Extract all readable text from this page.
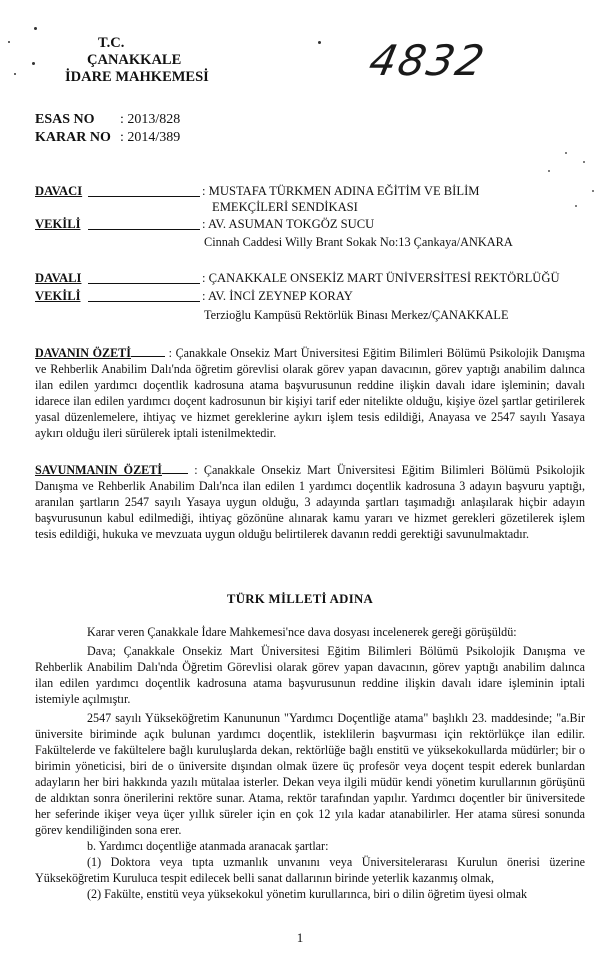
T.C.
ÇANAKKALE
İDARE MAHKEMESİ	4832
ESAS NO : 2013/828
KARAR NO : 2014/389
DAVACI	: MUSTAFA TÜRKMEN ADINA EĞİTİM VE BİLİM
EMEKÇİLERİ SENDİKASI
VEKİLİ	: AV. ASUMAN TOKGÖZ SUCU
Cinnah Caddesi Willy Brant Sokak No:13 Çankaya/ANKARA
DAVALI	: ÇANAKKALE ONSEKİZ MART ÜNİVERSİTESİ REKTÖRLÜĞÜ
VEKİLİ	: AV. İNCİ ZEYNEP KORAY
Terzioğlu Kampüsü Rektörlük Binası Merkez/ÇANAKKALE
DAVANIN ÖZETİ	: Çanakkale Onsekiz Mart Üniversitesi Eğitim Bilimleri Bölümü Psikolojik Danışma ve Rehberlik Anabilim Dalı'nda öğretim görevlisi olarak görev yapan davacının, görev yaptığı anabilim dalınca ilan edilen yardımcı doçentlik kadrosuna atama başvurusunun reddine ilişkin davalı idare işleminin; davalı idarece ilan edilen yardımcı doçent kadrosunun bir kişiyi tarif eder nitelikte olduğu, kişiye özel şartlar getirilerek yasal düzenlemelere, ihtiyaç ve hizmet gereklerine aykırı işlem tesis edildiği, Anayasa ve 2547 sayılı Yasaya aykırı olduğu ileri sürülerek iptali istenilmektedir.
SAVUNMANIN ÖZETİ	: Çanakkale Onsekiz Mart Üniversitesi Eğitim Bilimleri Bölümü Psikolojik Danışma ve Rehberlik Anabilim Dalı'nca ilan edilen 1 yardımcı doçentlik kadrosuna 3 adayın başvuru yaptığı, aranılan şartların 2547 sayılı Yasaya uygun olduğu, 3 adayında şartları taşımadığı anlaşılarak hiçbir adayın başvurusunun kabul edilmediği, ihtiyaç gözönüne alınarak kamu yararı ve hizmet gerekleri gözetilerek işlem tesis edildiği, hukuka ve mevzuata uygun olduğu belirtilerek davanın reddi gerektiği savunulmaktadır.
TÜRK MİLLETİ ADINA
Karar veren Çanakkale İdare Mahkemesi'nce dava dosyası incelenerek gereği görüşüldü:
Dava; Çanakkale Onsekiz Mart Üniversitesi Eğitim Bilimleri Bölümü Psikolojik Danışma ve Rehberlik Anabilim Dalı'nda Öğretim Görevlisi olarak görev yapan davacının, görev yaptığı anabilim dalınca ilan edilen yardımcı doçentlik kadrosuna atama başvurusunun reddine ilişkin davalı idare işleminin iptali istemiyle açılmıştır.
2547 sayılı Yükseköğretim Kanununun "Yardımcı Doçentliğe atama" başlıklı 23. maddesinde; "a.Bir üniversite biriminde açık bulunan yardımcı doçentlik, isteklilerin başvurması için rektörlükçe ilan edilir. Fakültelerde ve fakültelere bağlı kuruluşlarda dekan, rektörlüğe bağlı enstitü ve yüksekokullarda müdürler; bir o birimin yöneticisi, biri de o üniversite dışından olmak üzere üç profesör veya doçent tespit ederek bunlardan adayların her biri hakkında yazılı mütalaa isterler. Dekan veya ilgili müdür kendi yönetim kurullarının görüşünü de aldıktan sonra önerilerini rektöre sunar. Atama, rektör tarafından yapılır. Yardımcı doçentler bir üniversitede her seferinde ikişer veya üçer yıllık süreler için en çok 12 yıla kadar atanabilirler. Her atama süresi sonunda görev kendiliğinden sona erer.
b. Yardımcı doçentliğe atanmada aranacak şartlar:
(1) Doktora veya tıpta uzmanlık unvanını veya Üniversitelerarası Kurulun önerisi üzerine Yükseköğretim Kuruluca tespit edilecek belli sanat dallarının birinde yeterlik kazanmış olmak,
(2) Fakülte, enstitü veya yüksekokul yönetim kurullarınca, biri o dilin öğretim üyesi olmak
1
